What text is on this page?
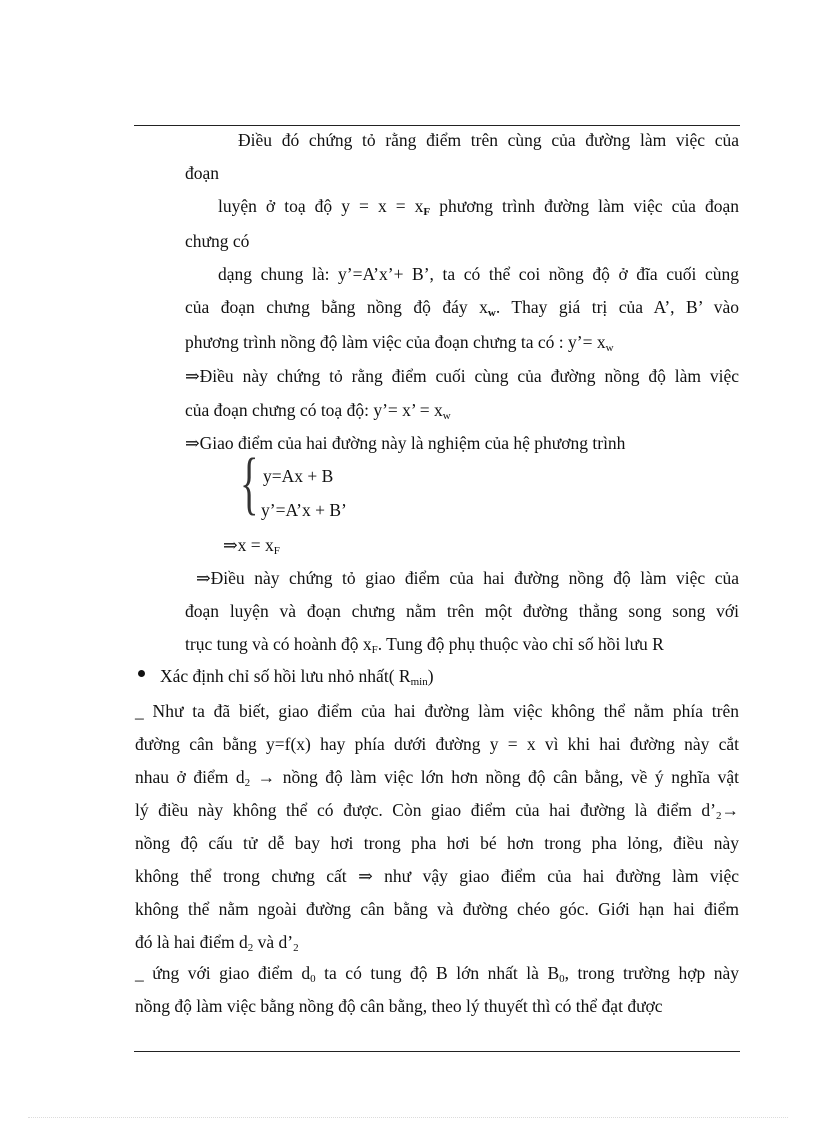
Điều đó chứng tỏ rằng điểm trên cùng của đường làm việc của
đoạn
luyện ở toạ độ y = x = xF phương trình đường làm việc của đoạn
chưng có
dạng chung là: y’=A’x’+ B’, ta có thể coi nồng độ ở đĩa cuối cùng
của đoạn chưng bằng nồng độ đáy $x_w$. Thay giá trị của A’, B’ vào
phương trình nồng độ làm việc của đoạn chưng ta có : y’= $x_w$
⇒Điều này chứng tỏ rằng điểm cuối cùng của đường nồng độ làm việc
của đoạn chưng có toạ độ: y’= x’ = $x_w$
⇒Giao điểm của hai đường này là nghiệm của hệ phương trình
{ y=Ax + B
y’=A’x + B’
⇒x = $x_F$
⇒Điều này chứng tỏ giao điểm của hai đường nồng độ làm việc của
đoạn luyện và đoạn chưng nằm trên một đường thẳng song song với
trục tung và có hoành độ $x_F$. Tung độ phụ thuộc vào chỉ số hồi lưu R
Xác định chỉ số hồi lưu nhỏ nhất( $R_{min}$)
_ Như ta đã biết, giao điểm của hai đường làm việc không thể nằm phía trên
đường cân bằng y=f(x) hay phía dưới đường y = x vì khi hai đường này cắt
nhau ở điểm $d_2$ → nồng độ làm việc lớn hơn nồng độ cân bằng, về ý nghĩa vật
lý điều này không thể có được. Còn giao điểm của hai đường là điểm $d’_2\to$
nồng độ cấu tử dễ bay hơi trong pha hơi bé hơn trong pha lỏng, điều này
không thể trong chưng cất ⇒ như vậy giao điểm của hai đường làm việc
không thể nằm ngoài đường cân bằng và đường chéo góc. Giới hạn hai điểm
đó là hai điểm $d_2$ và $d’_2$
_ ứng với giao điểm $d_0$ ta có tung độ B lớn nhất là $B_0$, trong trường hợp này
nồng độ làm việc bằng nồng độ cân bằng, theo lý thuyết thì có thể đạt được
